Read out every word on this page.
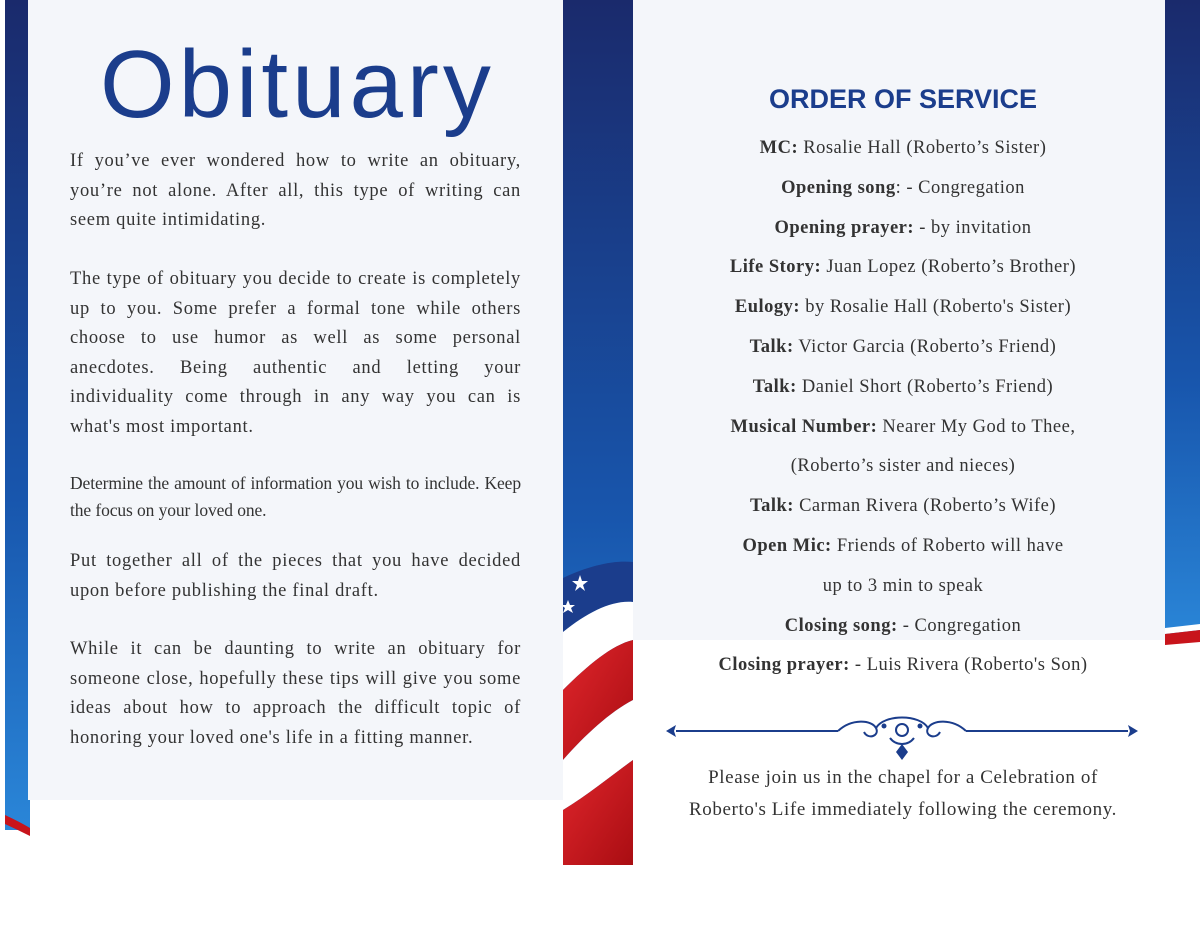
Obituary

If you’ve ever wondered how to write an obituary, you’re not alone. After all, this type of writing can seem quite intimidating.

The type of obituary you decide to create is completely up to you. Some prefer a formal tone while others choose to use humor as well as some personal anecdotes. Being authentic and letting your individuality come through in any way you can is what's most important.

Determine the amount of information you wish to include. Keep the focus on your loved one.

Put together all of the pieces that you have decided upon before publishing the final draft.

While it can be daunting to write an obituary for someone close, hopefully these tips will give you some ideas about how to approach the difficult topic of honoring your loved one's life in a fitting manner.

ORDER OF SERVICE
MC: Rosalie Hall (Roberto’s Sister)
Opening song: - Congregation
Opening prayer: - by invitation
Life Story: Juan Lopez (Roberto’s Brother)
Eulogy: by Rosalie Hall (Roberto's Sister)
Talk: Victor Garcia (Roberto’s Friend)
Talk: Daniel Short (Roberto’s Friend)
Musical Number: Nearer My God to Thee,
(Roberto’s sister and nieces)
Talk: Carman Rivera (Roberto’s Wife)
Open Mic: Friends of Roberto will have
up to 3 min to speak
Closing song: - Congregation
Closing prayer: - Luis Rivera (Roberto's Son)

Please join us in the chapel for a Celebration of
Roberto's Life immediately following the ceremony.
